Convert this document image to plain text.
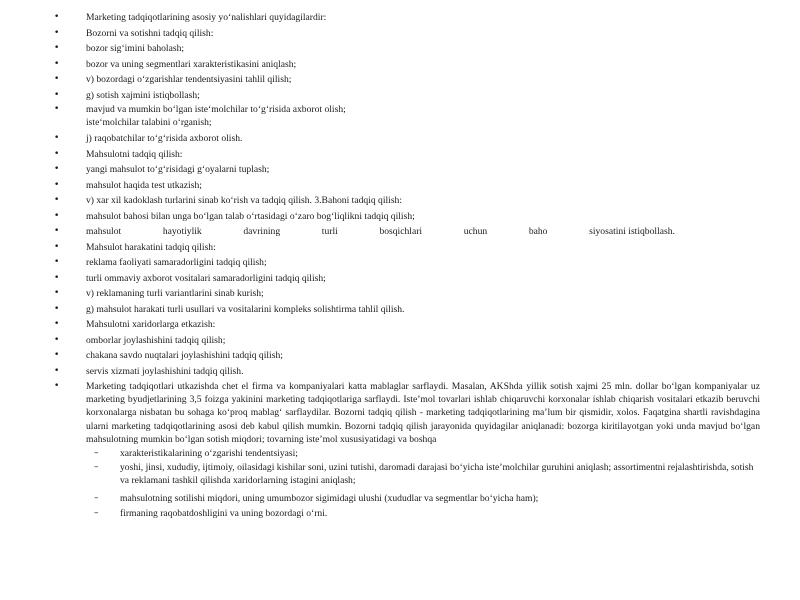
• Marketing tadqiqotlarining asosiy yo‘nalishlari quyidagilardir:
• Bozorni va sotishni tadqiq qilish:
• bozor sig‘imini baholash;
• bozor va uning segmentlari xarakteristikasini aniqlash;
• v) bozordagi o‘zgarishlar tendentsiyasini tahlil qilish;
• g) sotish xajmini istiqbollash;
• mavjud va mumkin bo‘lgan iste‘molchilar to‘g‘risida axborot olish;
iste‘molchilar talabini o‘rganish;
• j) raqobatchilar to‘g‘risida axborot olish.
• Mahsulotni tadqiq qilish:
• yangi mahsulot to‘g‘risidagi g‘oyalarni tuplash;
• mahsulot haqida test utkazish;
• v) xar xil kadoklash turlarini sinab ko‘rish va tadqiq qilish. 3.Bahoni tadqiq qilish:
• mahsulot bahosi bilan unga bo‘lgan talab o‘rtasidagi o‘zaro bog‘liqlikni tadqiq qilish;
• mahsulot	hayotiylik	davrining	turli	bosqichlari	uchun	baho	siyosatini istiqbollash.
• Mahsulot harakatini tadqiq qilish:
• reklama faoliyati samaradorligini tadqiq qilish;
• turli ommaviy axborot vositalari samaradorligini tadqiq qilish;
• v) reklamaning turli variantlarini sinab kurish;
• g) mahsulot harakati turli usullari va vositalarini kompleks solishtirma tahlil qilish.
• Mahsulotni xaridorlarga etkazish:
• omborlar joylashishini tadqiq qilish;
• chakana savdo nuqtalari joylashishini tadqiq qilish;
• servis xizmati joylashishini tadqiq qilish.
• Marketing tadqiqotlari utkazishda chet el firma va kompaniyalari katta mablaglar sarflaydi. Masalan, AKShda yillik sotish xajmi 25 mln. dollar bo‘lgan kompaniyalar uz marketing byudjetlarining 3,5 foizga yakinini marketing tadqiqotlariga sarflaydi. Iste’mol tovarlari ishlab chiqaruvchi korxonalar ishlab chiqarish vositalari etkazib beruvchi korxonalarga nisbatan bu sohaga ko‘proq mablag‘ sarflaydilar. Bozorni tadqiq qilish - marketing tadqiqotlarining ma’lum bir qismidir, xolos. Faqatgina shartli ravishdagina ularni marketing tadqiqotlarining asosi deb kabul qilish mumkin. Bozorni tadqiq qilish jarayonida quyidagilar aniqlanadi: bozorga kiritilayotgan yoki unda mavjud bo‘lgan mahsulotning mumkin bo‘lgan sotish miqdori; tovarning iste’mol xususiyatidagi va boshqa
– xarakteristikalarining o‘zgarishi tendentsiyasi;
– yoshi, jinsi, xududiy, ijtimoiy, oilasidagi kishilar soni, uzini tutishi, daromadi darajasi bo‘yicha iste’molchilar guruhini aniqlash; assortimentni rejalashtirishda, sotish va reklamani tashkil qilishda xaridorlarning istagini aniqlash;
– mahsulotning sotilishi miqdori, uning umumbozor sigimidagi ulushi (xududlar va segmentlar bo‘yicha ham);
– firmaning raqobatdoshligini va uning bozordagi o‘rni.
